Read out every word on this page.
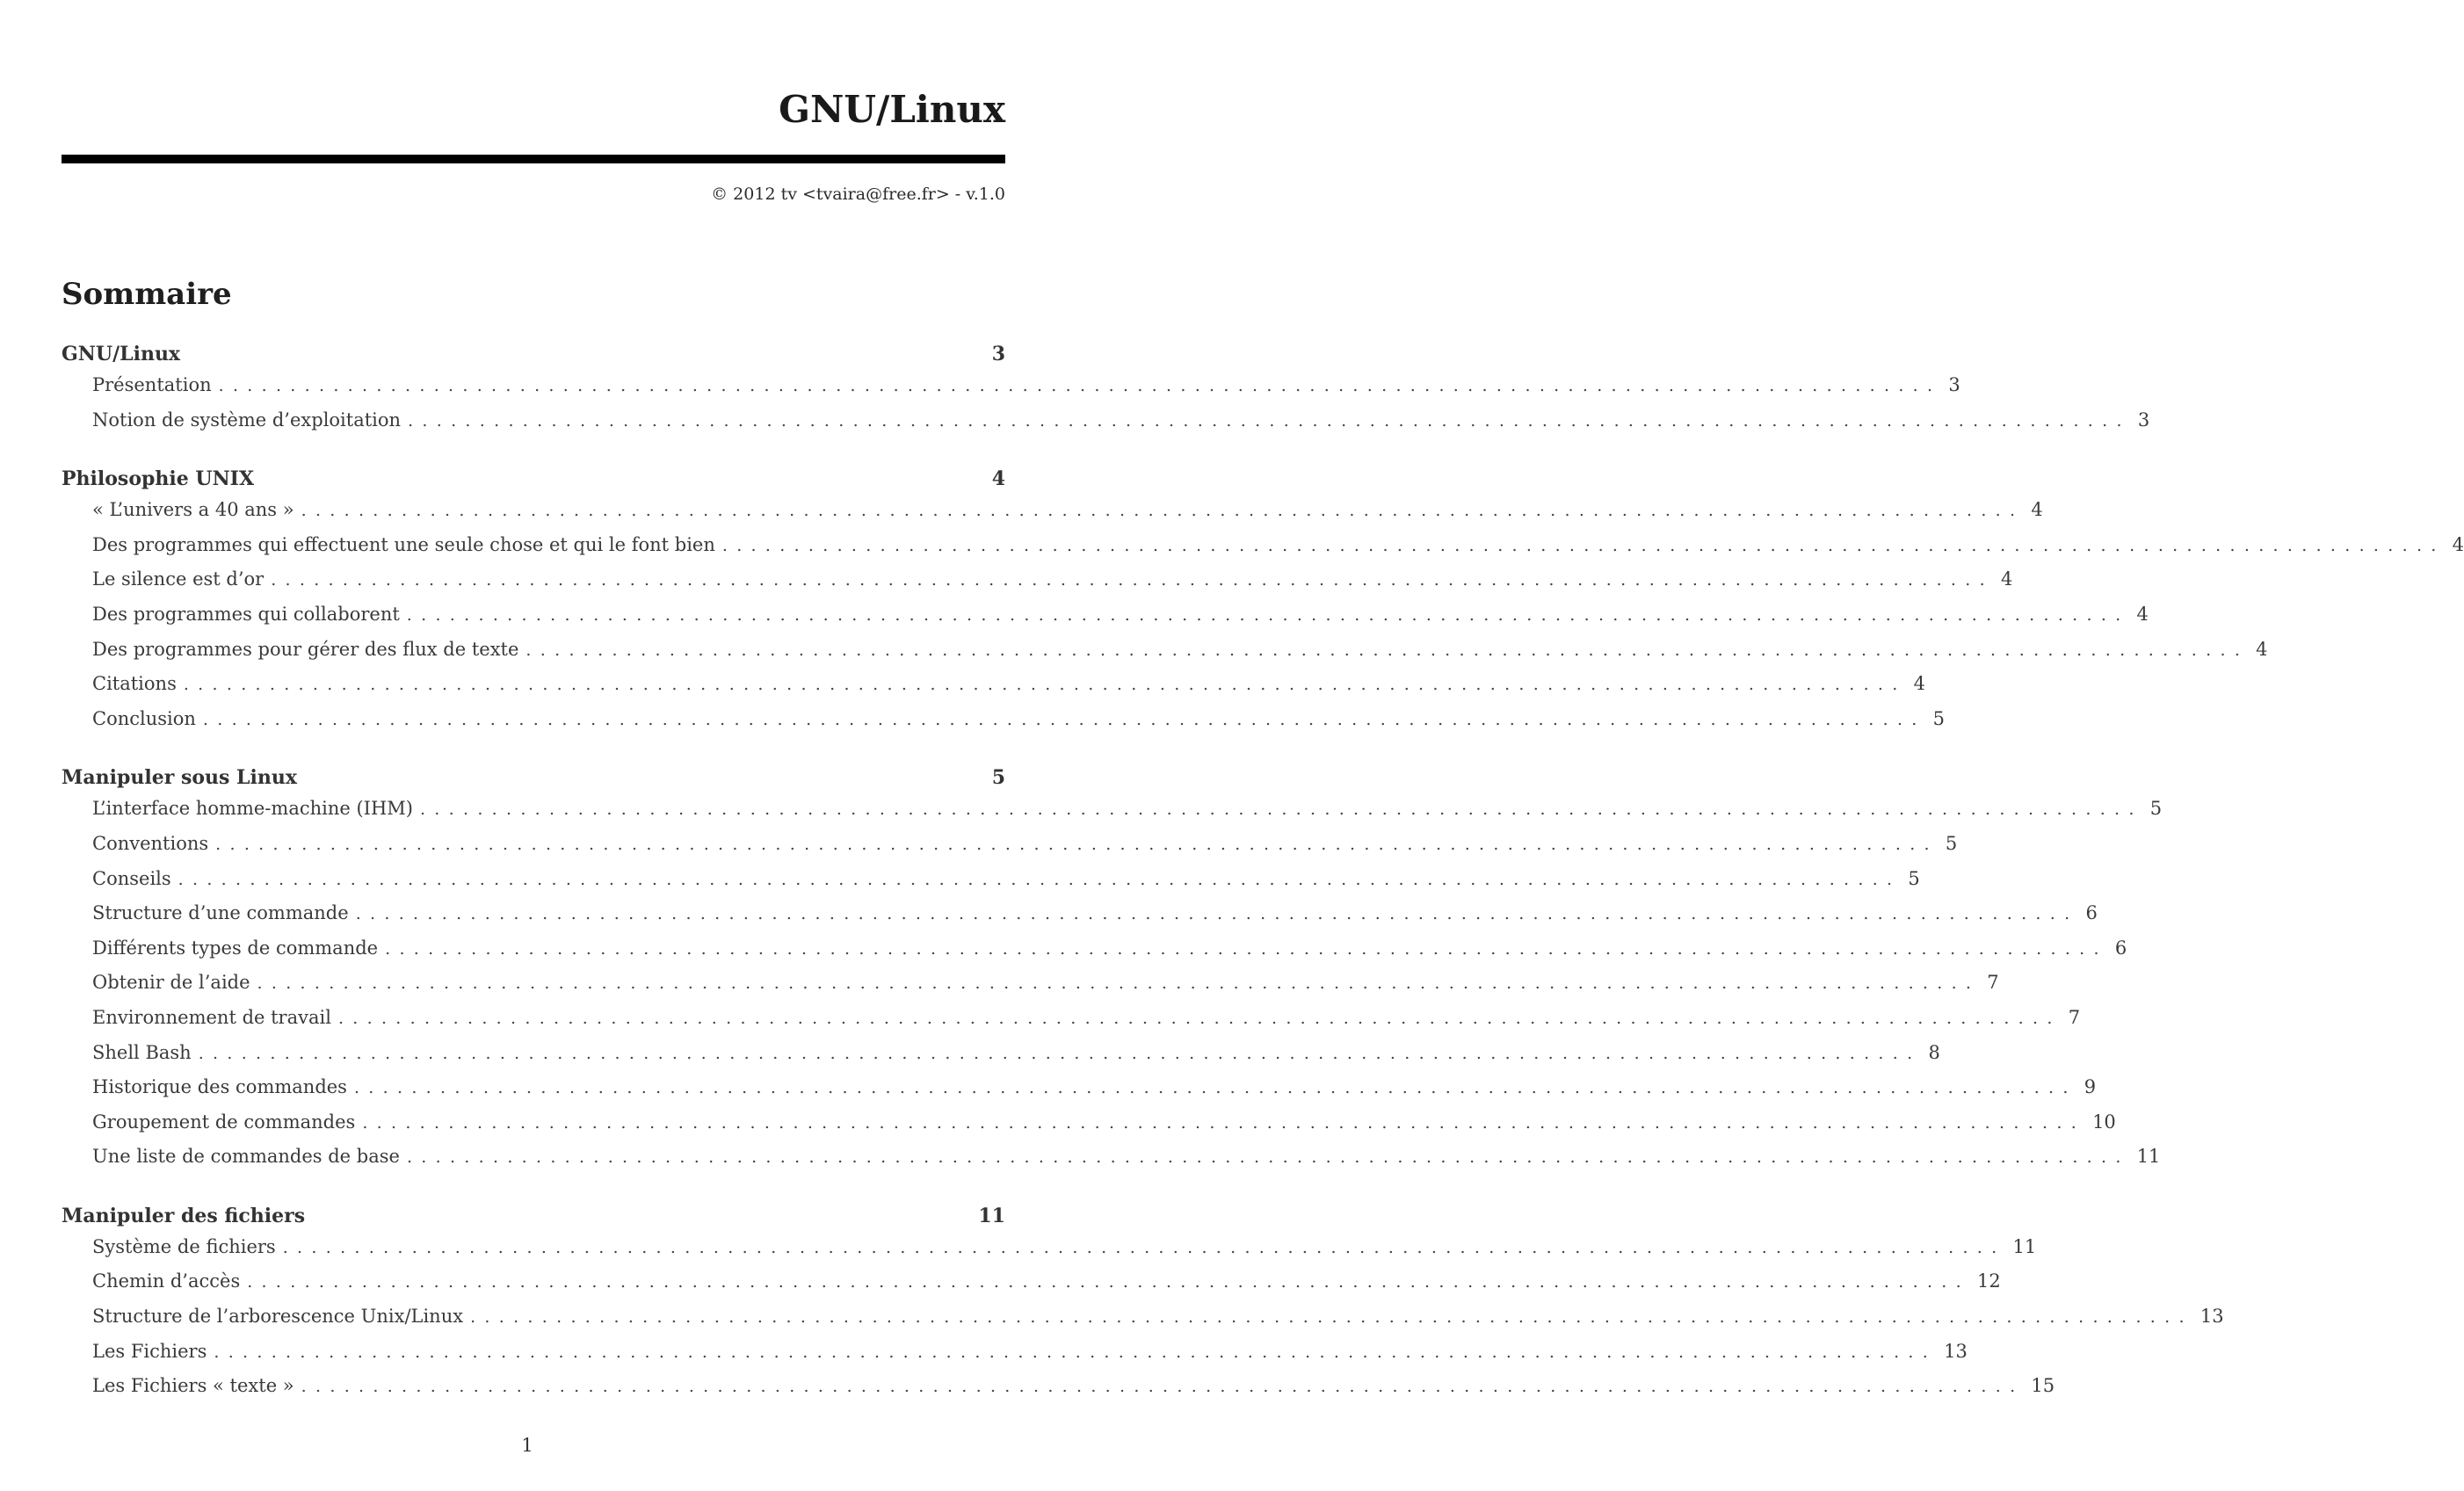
GNU/Linux
© 2012 tv <tvaira@free.fr> - v.1.0
Sommaire
GNU/Linux	3
Présentation ........................................................................................................................ 3
Notion de système d’exploitation ........................................................................................................................ 3
Philosophie UNIX	4
« L’univers a 40 ans » ........................................................................................................................ 4
Des programmes qui effectuent une seule chose et qui le font bien ........................................................................................................................ 4
Le silence est d’or ........................................................................................................................ 4
Des programmes qui collaborent ........................................................................................................................ 4
Des programmes pour gérer des flux de texte ........................................................................................................................ 4
Citations ........................................................................................................................ 4
Conclusion ........................................................................................................................ 5
Manipuler sous Linux	5
L’interface homme-machine (IHM) ........................................................................................................................ 5
Conventions ........................................................................................................................ 5
Conseils ........................................................................................................................ 5
Structure d’une commande ........................................................................................................................ 6
Différents types de commande ........................................................................................................................ 6
Obtenir de l’aide ........................................................................................................................ 7
Environnement de travail ........................................................................................................................ 7
Shell Bash ........................................................................................................................ 8
Historique des commandes ........................................................................................................................ 9
Groupement de commandes ........................................................................................................................ 10
Une liste de commandes de base ........................................................................................................................ 11
Manipuler des fichiers	11
Système de fichiers ........................................................................................................................ 11
Chemin d’accès ........................................................................................................................ 12
Structure de l’arborescence Unix/Linux ........................................................................................................................ 13
Les Fichiers ........................................................................................................................ 13
Les Fichiers « texte » ........................................................................................................................ 15
1
